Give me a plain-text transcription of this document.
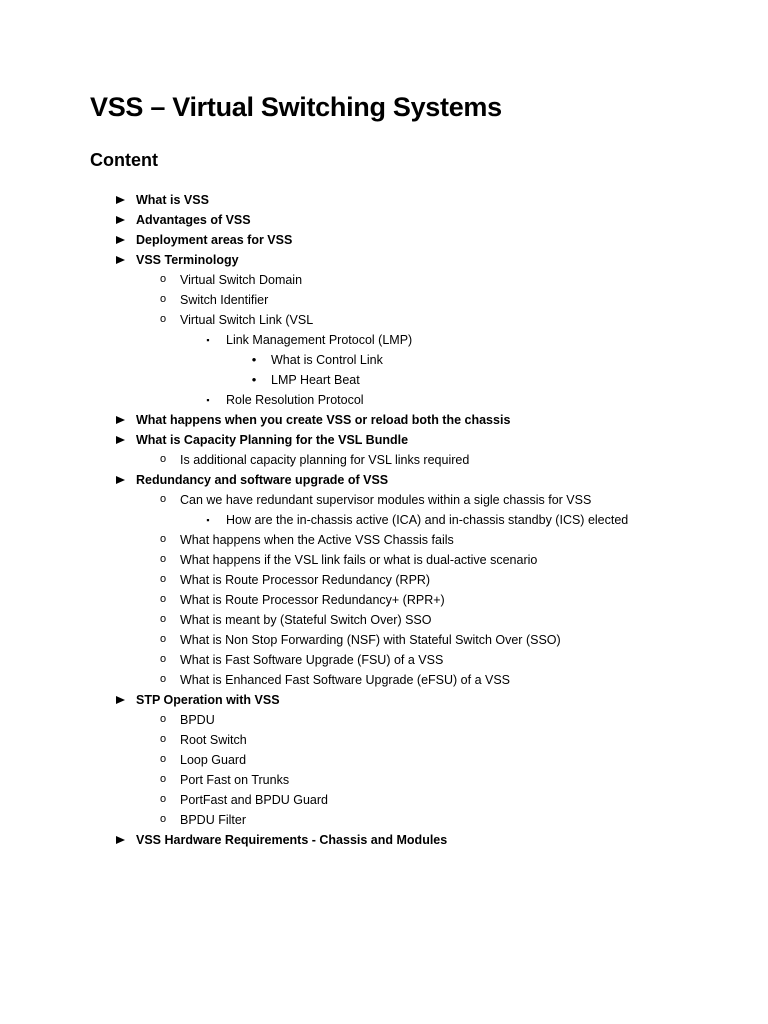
VSS – Virtual Switching Systems
Content
What is VSS
Advantages of VSS
Deployment areas for VSS
VSS Terminology
o	Virtual Switch Domain
o	Switch Identifier
o	Virtual Switch Link (VSL
▪	Link Management Protocol (LMP)
•	What is Control Link
•	LMP Heart Beat
▪	Role Resolution Protocol
What happens when you create VSS or reload both the chassis
What is Capacity Planning for the VSL Bundle
o	Is additional capacity planning for VSL links required
Redundancy and software upgrade of VSS
o	Can we have redundant supervisor modules within a sigle chassis for VSS
▪	How are the in-chassis active (ICA) and in-chassis standby (ICS) elected
o	What happens when the Active VSS Chassis fails
o	What happens if the VSL link fails or what is dual-active scenario
o	What is Route Processor Redundancy (RPR)
o	What is Route Processor Redundancy+ (RPR+)
o	What is meant by (Stateful Switch Over) SSO
o	What is Non Stop Forwarding (NSF) with Stateful Switch Over (SSO)
o	What is Fast Software Upgrade (FSU) of a VSS
o	What is Enhanced Fast Software Upgrade (eFSU) of a VSS
STP Operation with VSS
o	BPDU
o	Root Switch
o	Loop Guard
o	Port Fast on Trunks
o	PortFast and BPDU Guard
o	BPDU Filter
VSS Hardware Requirements - Chassis and Modules
